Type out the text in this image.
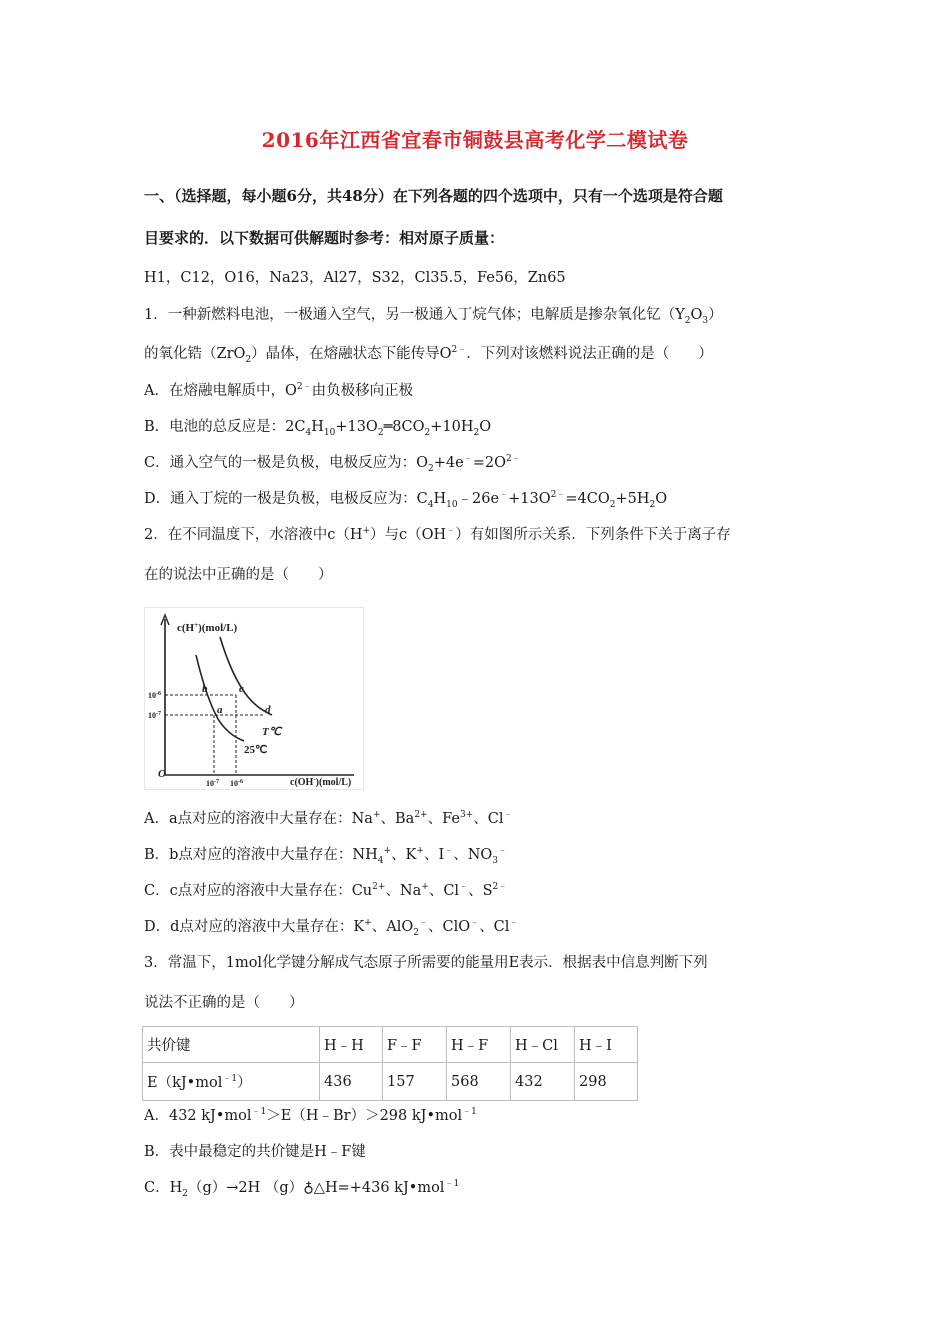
2016年江西省宜春市铜鼓县高考化学二模试卷
一、（选择题，每小题6分，共48分）在下列各题的四个选项中，只有一个选项是符合题
目要求的．以下数据可供解题时参考：相对原子质量：
H1，C12，O16，Na23，Al27，S32，Cl35.5，Fe56，Zn65
1．一种新燃料电池，一极通入空气，另一极通入丁烷气体；电解质是掺杂氧化钇$(Y_2O_3)$
的氧化锆（ZrO$_2$）晶体，在熔融状态下能传导$O^{2﹣}$．下列对该燃料说法正确的是（　　）
A．在熔融电解质中，$O^{2﹣}$由负极移向正极
B．电池的总反应是：$2C_4H_{10}+13O_2═8CO_2+10H_2O$
C．通入空气的一极是负极，电极反应为：$O_2+4e^﹣=2O^{2﹣}$
D．通入丁烷的一极是负极，电极反应为：$C_4H_{10}﹣26e^﹣+13O^{2﹣}=4CO_2+5H_2O$
2．在不同温度下，水溶液中c（H+）与c（OH﹣）有如图所示关系．下列条件下关于离子存
在的说法中正确的是（　　）
c(H+)(mol/L)
c(OH-)(mol/L)
O
$10^{-6}$
$10^{-7}$
$10^{-7}$ $10^{-6}$
b	c
a	d
T℃
25℃
A．a点对应的溶液中大量存在：Na+、$Ba^{2+}$、$Fe^{3+}$、Cl﹣
B．b点对应的溶液中大量存在：$NH_4^+$、K+、I﹣、$NO_3^﹣$
C．c点对应的溶液中大量存在：$Cu^{2+}$、Na+、Cl﹣、$S^{2﹣}$
D．d点对应的溶液中大量存在：K+、AlO$_2$﹣、ClO﹣、Cl﹣
3．常温下，1mol化学键分解成气态原子所需要的能量用E表示．根据表中信息判断下列
说法不正确的是（　　）
共价键	H﹣H	F﹣F	H﹣F	H﹣Cl	H﹣I
E（kJ•mol$^{﹣1}$）	436	157	568	432	298
A．432 kJ•mol$^{﹣1}$＞E（H﹣Br）＞298 kJ•mol$^{﹣1}$
B．表中最稳定的共价键是H﹣F键
C．$H_2(g)\to 2H$ （g）♁△H=+436 kJ•mol$^{﹣1}$
